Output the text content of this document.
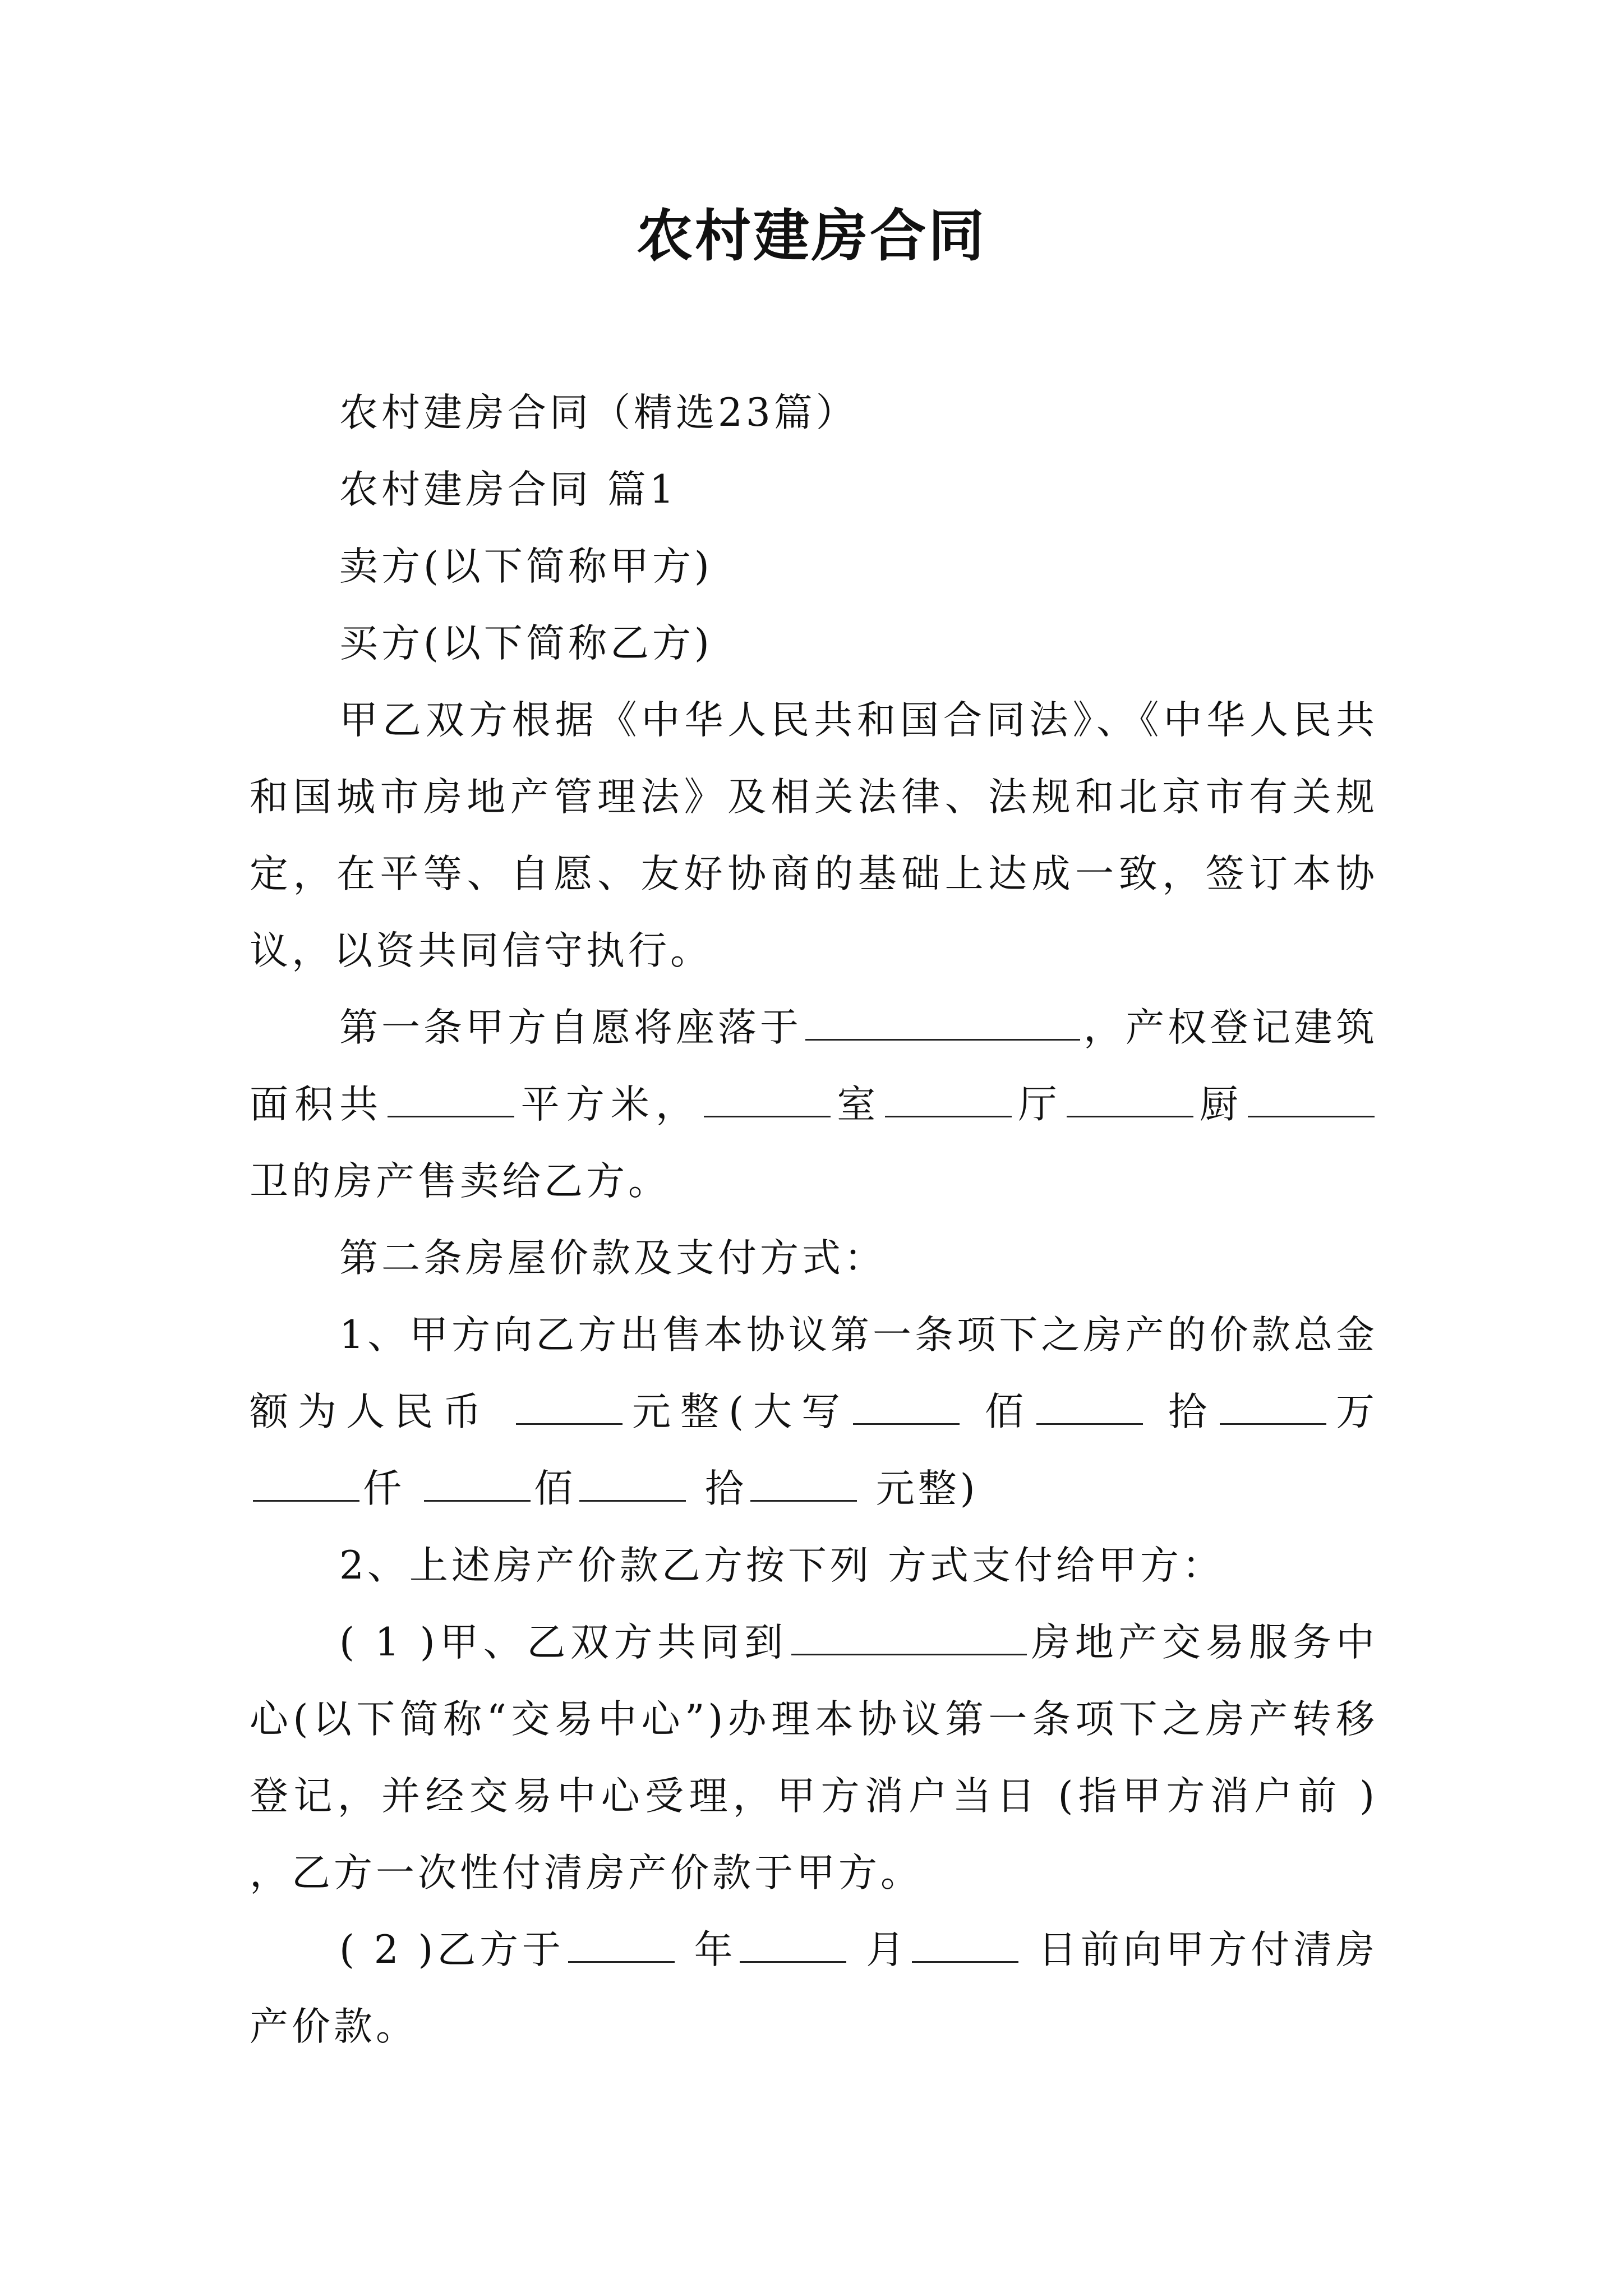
农村建房合同

农村建房合同（精选23篇）

农村建房合同 篇1

卖方(以下简称甲方)

买方(以下简称乙方)

甲乙双方根据《中华人民共和国合同法》、《中华人民共和国城市房地产管理法》及相关法律、法规和北京市有关规定，在平等、自愿、友好协商的基础上达成一致，签订本协议，以资共同信守执行。

第一条甲方自愿将座落于	，产权登记建筑面积共	平方米，	室	厅	厨卫的房产售卖给乙方。

第二条房屋价款及支付方式：

1、甲方向乙方出售本协议第一条项下之房产的价款总金额为人民币	元整(大写	佰	拾	万 仟	佰	拾	元整)

2、上述房产价款乙方按下列 方式支付给甲方：

( 1 )甲、乙双方共同到	房地产交易服务中心(以下简称“交易中心”)办理本协议第一条项下之房产转移登记，并经交易中心受理，甲方消户当日 (指甲方消户前 ) ，乙方一次性付清房产价款于甲方。

( 2 )乙方于	年	月	日前向甲方付清房产价款。
